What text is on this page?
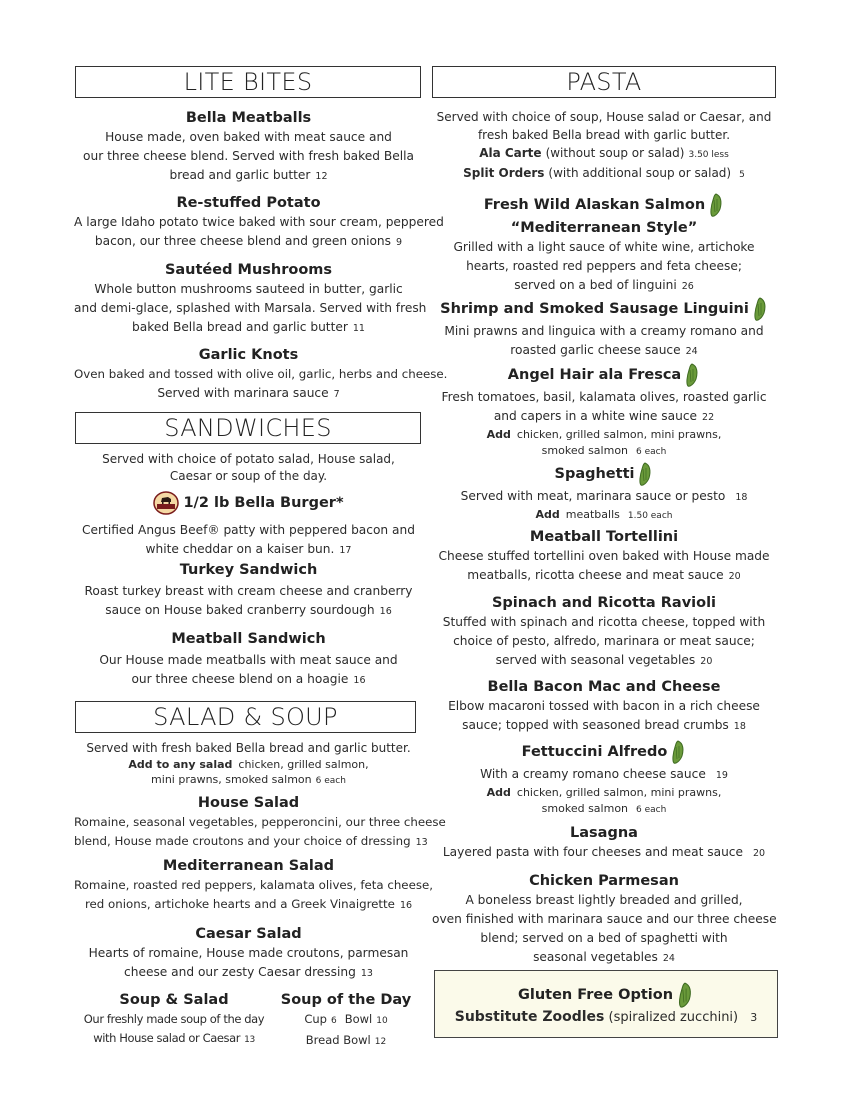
LITE BITES
Bella Meatballs
House made, oven baked with meat sauce and
our three cheese blend. Served with fresh baked Bella
bread and garlic butter 12
Re-stuffed Potato
A large Idaho potato twice baked with sour cream, peppered
bacon, our three cheese blend and green onions 9
Sautéed Mushrooms
Whole button mushrooms sauteed in butter, garlic
and demi-glace, splashed with Marsala. Served with fresh
baked Bella bread and garlic butter 11
Garlic Knots
Oven baked and tossed with olive oil, garlic, herbs and cheese.
Served with marinara sauce 7
SANDWICHES
Served with choice of potato salad, House salad,
Caesar or soup of the day.
1/2 lb Bella Burger*
Certified Angus Beef® patty with peppered bacon and
white cheddar on a kaiser bun. 17
Turkey Sandwich
Roast turkey breast with cream cheese and cranberry
sauce on House baked cranberry sourdough 16
Meatball Sandwich
Our House made meatballs with meat sauce and
our three cheese blend on a hoagie 16
SALAD & SOUP
Served with fresh baked Bella bread and garlic butter.
Add to any salad chicken, grilled salmon,
mini prawns, smoked salmon 6 each
House Salad
Romaine, seasonal vegetables, pepperoncini, our three cheese
blend, House made croutons and your choice of dressing 13
Mediterranean Salad
Romaine, roasted red peppers, kalamata olives, feta cheese,
red onions, artichoke hearts and a Greek Vinaigrette 16
Caesar Salad
Hearts of romaine, House made croutons, parmesan
cheese and our zesty Caesar dressing 13
Soup & Salad
Our freshly made soup of the day
with House salad or Caesar 13
Soup of the Day
Cup 6 Bowl 10
Bread Bowl 12
PASTA
Served with choice of soup, House salad or Caesar, and
fresh baked Bella bread with garlic butter.
Ala Carte (without soup or salad) 3.50 less
Split Orders (with additional soup or salad) 5
Fresh Wild Alaskan Salmon
“Mediterranean Style”
Grilled with a light sauce of white wine, artichoke
hearts, roasted red peppers and feta cheese;
served on a bed of linguini 26
Shrimp and Smoked Sausage Linguini
Mini prawns and linguica with a creamy romano and
roasted garlic cheese sauce 24
Angel Hair ala Fresca
Fresh tomatoes, basil, kalamata olives, roasted garlic
and capers in a white wine sauce 22
Add chicken, grilled salmon, mini prawns,
smoked salmon 6 each
Spaghetti
Served with meat, marinara sauce or pesto 18
Add meatballs 1.50 each
Meatball Tortellini
Cheese stuffed tortellini oven baked with House made
meatballs, ricotta cheese and meat sauce 20
Spinach and Ricotta Ravioli
Stuffed with spinach and ricotta cheese, topped with
choice of pesto, alfredo, marinara or meat sauce;
served with seasonal vegetables 20
Bella Bacon Mac and Cheese
Elbow macaroni tossed with bacon in a rich cheese
sauce; topped with seasoned bread crumbs 18
Fettuccini Alfredo
With a creamy romano cheese sauce 19
Add chicken, grilled salmon, mini prawns,
smoked salmon 6 each
Lasagna
Layered pasta with four cheeses and meat sauce 20
Chicken Parmesan
A boneless breast lightly breaded and grilled,
oven finished with marinara sauce and our three cheese
blend; served on a bed of spaghetti with
seasonal vegetables 24
Gluten Free Option
Substitute Zoodles (spiralized zucchini) 3
